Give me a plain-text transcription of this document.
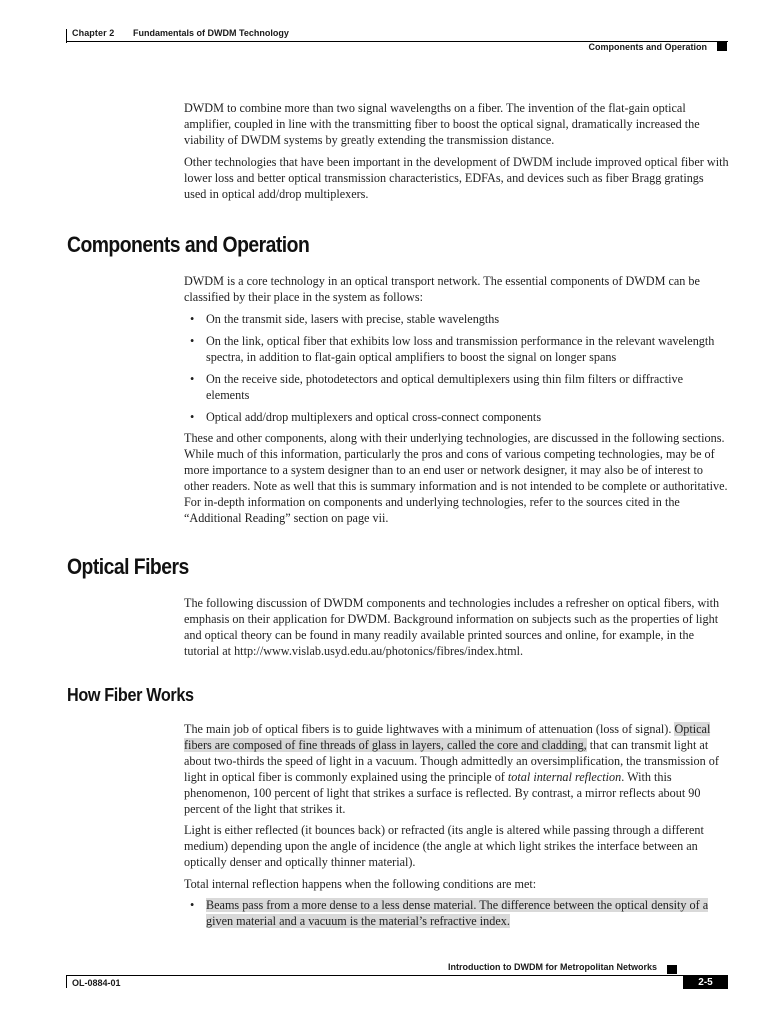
Chapter 2 Fundamentals of DWDM Technology
Components and Operation

DWDM to combine more than two signal wavelengths on a fiber. The invention of the flat-gain optical amplifier, coupled in line with the transmitting fiber to boost the optical signal, dramatically increased the viability of DWDM systems by greatly extending the transmission distance.

Other technologies that have been important in the development of DWDM include improved optical fiber with lower loss and better optical transmission characteristics, EDFAs, and devices such as fiber Bragg gratings used in optical add/drop multiplexers.

Components and Operation

DWDM is a core technology in an optical transport network. The essential components of DWDM can be classified by their place in the system as follows:

• On the transmit side, lasers with precise, stable wavelengths
• On the link, optical fiber that exhibits low loss and transmission performance in the relevant wavelength spectra, in addition to flat-gain optical amplifiers to boost the signal on longer spans
• On the receive side, photodetectors and optical demultiplexers using thin film filters or diffractive elements
• Optical add/drop multiplexers and optical cross-connect components

These and other components, along with their underlying technologies, are discussed in the following sections. While much of this information, particularly the pros and cons of various competing technologies, may be of more importance to a system designer than to an end user or network designer, it may also be of interest to other readers. Note as well that this is summary information and is not intended to be complete or authoritative. For in-depth information on components and underlying technologies, refer to the sources cited in the “Additional Reading” section on page vii.

Optical Fibers

The following discussion of DWDM components and technologies includes a refresher on optical fibers, with emphasis on their application for DWDM. Background information on subjects such as the properties of light and optical theory can be found in many readily available printed sources and online, for example, in the tutorial at http://www.vislab.usyd.edu.au/photonics/fibres/index.html.

How Fiber Works

The main job of optical fibers is to guide lightwaves with a minimum of attenuation (loss of signal). Optical fibers are composed of fine threads of glass in layers, called the core and cladding, that can transmit light at about two-thirds the speed of light in a vacuum. Though admittedly an oversimplification, the transmission of light in optical fiber is commonly explained using the principle of total internal reflection. With this phenomenon, 100 percent of light that strikes a surface is reflected. By contrast, a mirror reflects about 90 percent of the light that strikes it.

Light is either reflected (it bounces back) or refracted (its angle is altered while passing through a different medium) depending upon the angle of incidence (the angle at which light strikes the interface between an optically denser and optically thinner material).

Total internal reflection happens when the following conditions are met:

• Beams pass from a more dense to a less dense material. The difference between the optical density of a given material and a vacuum is the material’s refractive index.
Introduction to DWDM for Metropolitan Networks
OL-0884-01	2-5
